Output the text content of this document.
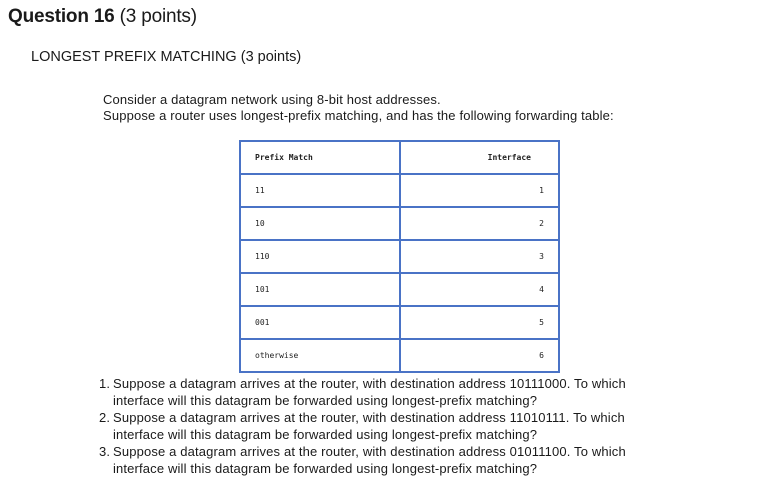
Question 16 (3 points)
LONGEST PREFIX MATCHING (3 points)
Consider a datagram network using 8-bit host addresses.
Suppose a router uses longest-prefix matching, and has the following forwarding table:
Prefix Match	Interface
11	1
10	2
110	3
101	4
001	5
otherwise	6
1. Suppose a datagram arrives at the router, with destination address 10111000. To which
interface will this datagram be forwarded using longest-prefix matching?
2. Suppose a datagram arrives at the router, with destination address 11010111. To which
interface will this datagram be forwarded using longest-prefix matching?
3. Suppose a datagram arrives at the router, with destination address 01011100. To which
interface will this datagram be forwarded using longest-prefix matching?
